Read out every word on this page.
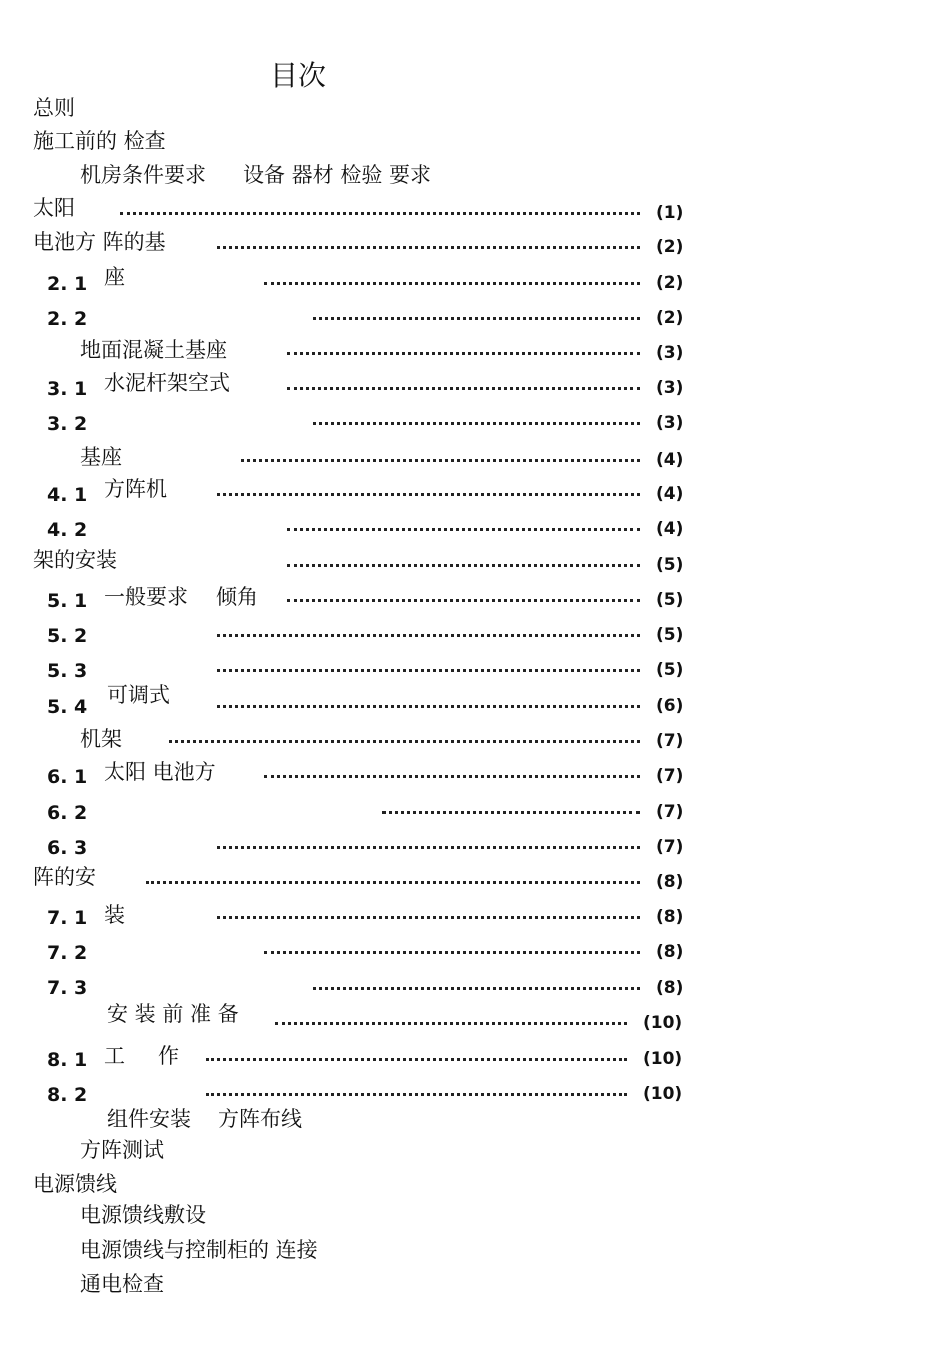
目次
总则
施工前的 检查
机房条件要求 设备 器材 检验 要求
太阳
电池方 阵的基
座
地面混凝土基座
水泥杆架空式
基座
方阵机
架的安装
一般要求 倾角
可调式
机架
太阳 电池方
阵的安
装
安 装 前 准 备
工 作
组件安装 方阵布线
方阵测试
电源馈线
电源馈线敷设
电源馈线与控制柜的 连接
通电检查
2. 1
2. 2
3. 1
3. 2
4. 1
4. 2
5. 1
5. 2
5. 3
5. 4
6. 1
6. 2
6. 3
7. 1
7. 2
7. 3
8. 1
8. 2
(1)
(2)
(2)
(2)
(3)
(3)
(3)
(4)
(4)
(4)
(5)
(5)
(5)
(5)
(6)
(7)
(7)
(7)
(7)
(8)
(8)
(8)
(8)
(10)
(10)
(10)
